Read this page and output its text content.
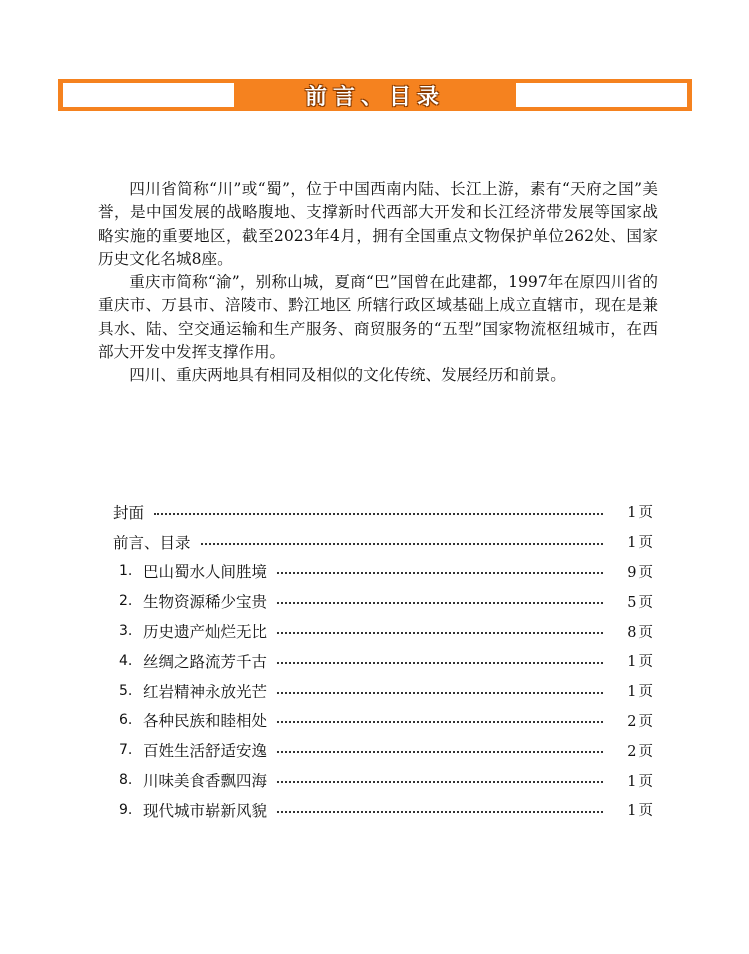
前言、目录

四川省简称“川”或“蜀”，位于中国西南内陆、长江上游，素有“天府之国”美誉，是中国发展的战略腹地、支撑新时代西部大开发和长江经济带发展等国家战略实施的重要地区，截至2023年4月，拥有全国重点文物保护单位262处、国家历史文化名城8座。

重庆市简称“渝”，别称山城，夏商“巴”国曾在此建都，1997年在原四川省的 重庆市、万县市、涪陵市、黔江地区 所辖行政区域基础上成立直辖市，现在是兼具水、陆、空交通运输和生产服务、商贸服务的“五型”国家物流枢纽城市，在西部大开发中发挥支撑作用。

四川、重庆两地具有相同及相似的文化传统、发展经历和前景。

封面	1 页
前言、目录	1 页
1. 巴山蜀水人间胜境	9 页
2. 生物资源稀少宝贵	5 页
3. 历史遗产灿烂无比	8 页
4. 丝绸之路流芳千古	1 页
5. 红岩精神永放光芒	1 页
6. 各种民族和睦相处	2 页
7. 百姓生活舒适安逸	2 页
8. 川味美食香飘四海	1 页
9. 现代城市崭新风貌	1 页
